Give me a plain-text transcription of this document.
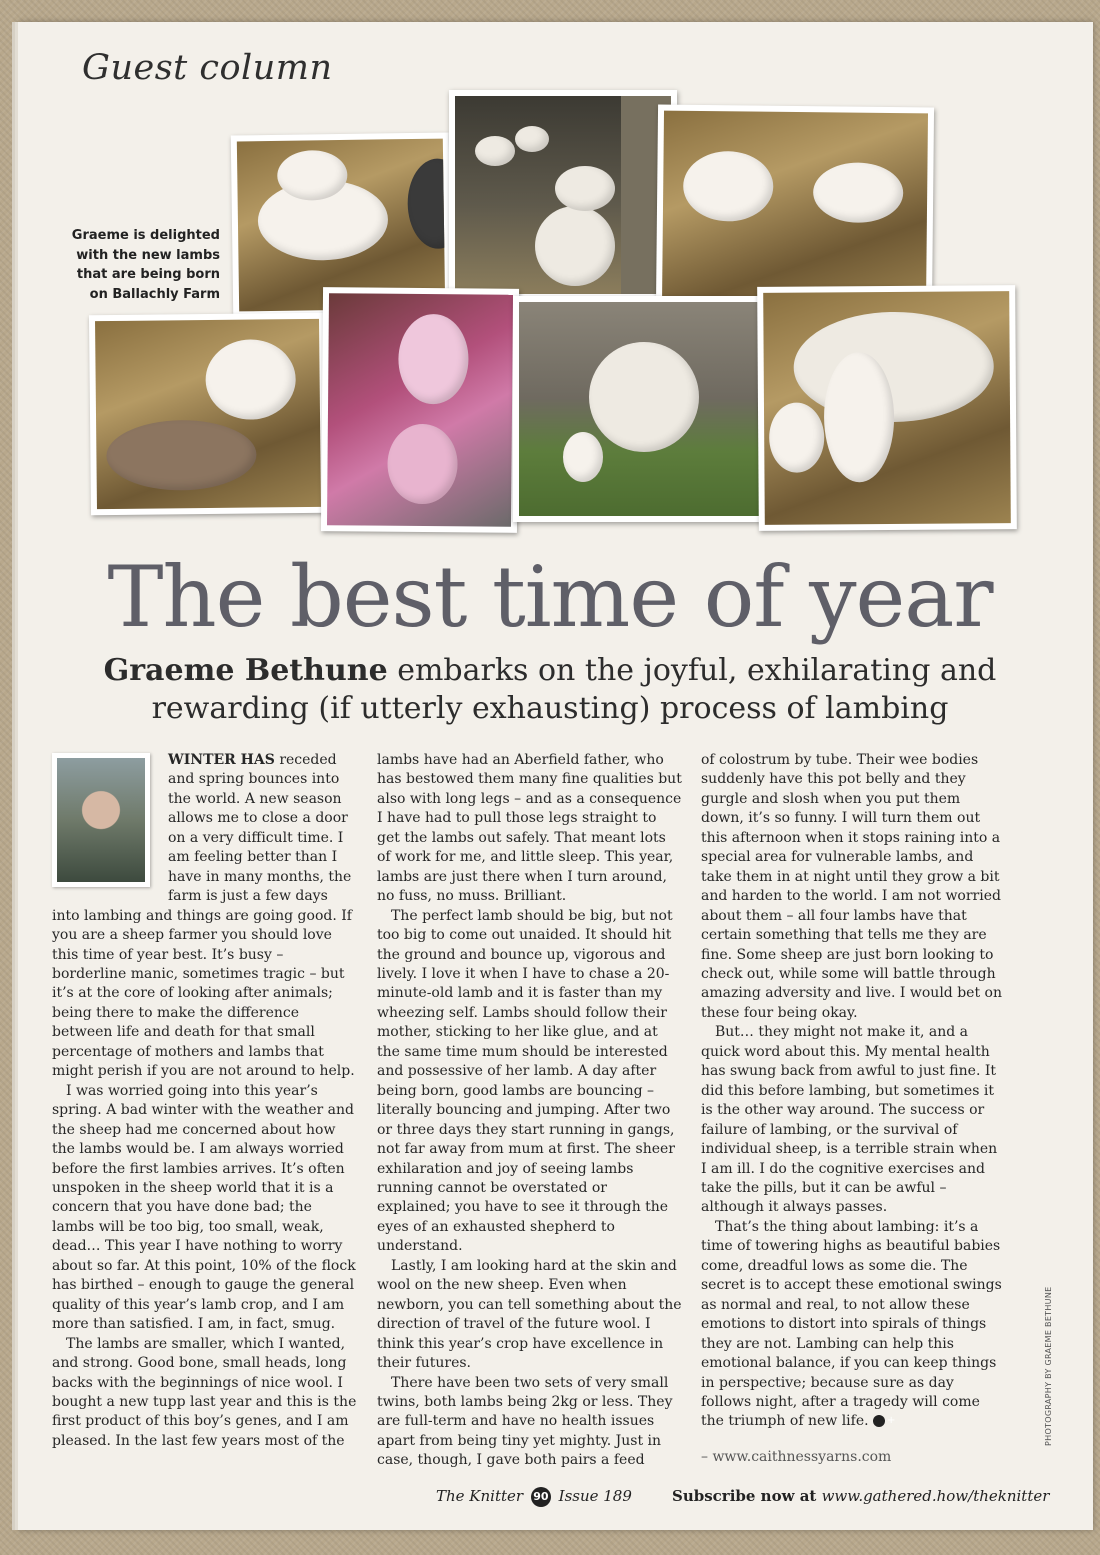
Guest column
Graeme is delighted with the new lambs that are being born on Ballachly Farm
The best time of year
Graeme Bethune embarks on the joyful, exhilarating and rewarding (if utterly exhausting) process of lambing

WINTER HAS receded and spring bounces into the world. A new season allows me to close a door on a very difficult time. I am feeling better than I have in many months, the farm is just a few days into lambing and things are going good. If you are a sheep farmer you should love this time of year best. It’s busy – borderline manic, sometimes tragic – but it’s at the core of looking after animals; being there to make the difference between life and death for that small percentage of mothers and lambs that might perish if you are not around to help.

I was worried going into this year’s spring. A bad winter with the weather and the sheep had me concerned about how the lambs would be. I am always worried before the first lambies arrives. It’s often unspoken in the sheep world that it is a concern that you have done bad; the lambs will be too big, too small, weak, dead… This year I have nothing to worry about so far. At this point, 10% of the flock has birthed – enough to gauge the general quality of this year’s lamb crop, and I am more than satisfied. I am, in fact, smug.

The lambs are smaller, which I wanted, and strong. Good bone, small heads, long backs with the beginnings of nice wool. I bought a new tupp last year and this is the first product of this boy’s genes, and I am pleased. In the last few years most of the

lambs have had an Aberfield father, who has bestowed them many fine qualities but also with long legs – and as a consequence I have had to pull those legs straight to get the lambs out safely. That meant lots of work for me, and little sleep. This year, lambs are just there when I turn around, no fuss, no muss. Brilliant.

The perfect lamb should be big, but not too big to come out unaided. It should hit the ground and bounce up, vigorous and lively. I love it when I have to chase a 20-minute-old lamb and it is faster than my wheezing self. Lambs should follow their mother, sticking to her like glue, and at the same time mum should be interested and possessive of her lamb. A day after being born, good lambs are bouncing – literally bouncing and jumping. After two or three days they start running in gangs, not far away from mum at first. The sheer exhilaration and joy of seeing lambs running cannot be overstated or explained; you have to see it through the eyes of an exhausted shepherd to understand.

Lastly, I am looking hard at the skin and wool on the new sheep. Even when newborn, you can tell something about the direction of travel of the future wool. I think this year’s crop have excellence in their futures.

There have been two sets of very small twins, both lambs being 2kg or less. They are full-term and have no health issues apart from being tiny yet mighty. Just in case, though, I gave both pairs a feed

of colostrum by tube. Their wee bodies suddenly have this pot belly and they gurgle and slosh when you put them down, it’s so funny. I will turn them out this afternoon when it stops raining into a special area for vulnerable lambs, and take them in at night until they grow a bit and harden to the world. I am not worried about them – all four lambs have that certain something that tells me they are fine. Some sheep are just born looking to check out, while some will battle through amazing adversity and live. I would bet on these four being okay.

But… they might not make it, and a quick word about this. My mental health has swung back from awful to just fine. It did this before lambing, but sometimes it is the other way around. The success or failure of lambing, or the survival of individual sheep, is a terrible strain when I am ill. I do the cognitive exercises and take the pills, but it can be awful – although it always passes.

That’s the thing about lambing: it’s a time of towering highs as beautiful babies come, dreadful lows as some die. The secret is to accept these emotional swings as normal and real, to not allow these emotions to distort into spirals of things they are not. Lambing can help this emotional balance, if you can keep things in perspective; because sure as day follows night, after a tragedy will come the triumph of new life. +

– www.caithnessyarns.com
PHOTOGRAPHY BY GRAEME BETHUNE
The Knitter 90 Issue 189	Subscribe now at www.gathered.how/theknitter
